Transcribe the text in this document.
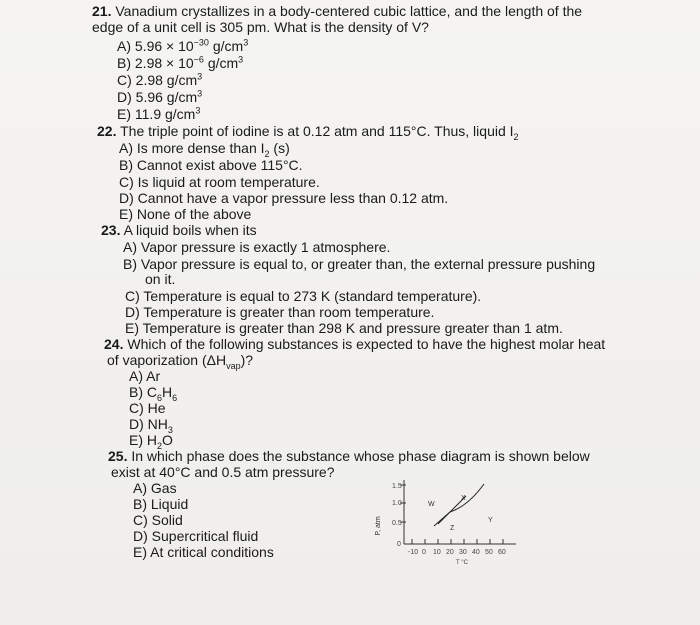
21. Vanadium crystallizes in a body-centered cubic lattice, and the length of the
edge of a unit cell is 305 pm. What is the density of V?
A) $5.96 \times 10^{-30}$ $g/cm^3$
B) $2.98 \times 10^{-6}$ $g/cm^3$
C) 2.98 $g/cm^3$
D) 5.96 $g/cm^3$
E) 11.9 $g/cm^3$
22. The triple point of iodine is at 0.12 atm and 115°C. Thus, liquid $I_2$
A) Is more dense than $I_2$ (s)
B) Cannot exist above 115°C.
C) Is liquid at room temperature.
D) Cannot have a vapor pressure less than 0.12 atm.
E) None of the above
23. A liquid boils when its
A) Vapor pressure is exactly 1 atmosphere.
B) Vapor pressure is equal to, or greater than, the external pressure pushing
on it.
C) Temperature is equal to 273 K (standard temperature).
D) Temperature is greater than room temperature.
E) Temperature is greater than 298 K and pressure greater than 1 atm.
24. Which of the following substances is expected to have the highest molar heat
of vaporization $(\Delta H_{vap})$?
A) Ar
B) $C_6H_6$
C) He
D) $NH_3$
E) $H_2O$
25. In which phase does the substance whose phase diagram is shown below
exist at 40°C and 0.5 atm pressure?
A) Gas
B) Liquid
C) Solid
D) Supercritical fluid
E) At critical conditions
P, atm
1.5
1.0
0.5
0
-10 0 10 20 30 40 50 60
T °C
W
X
Y
Z
